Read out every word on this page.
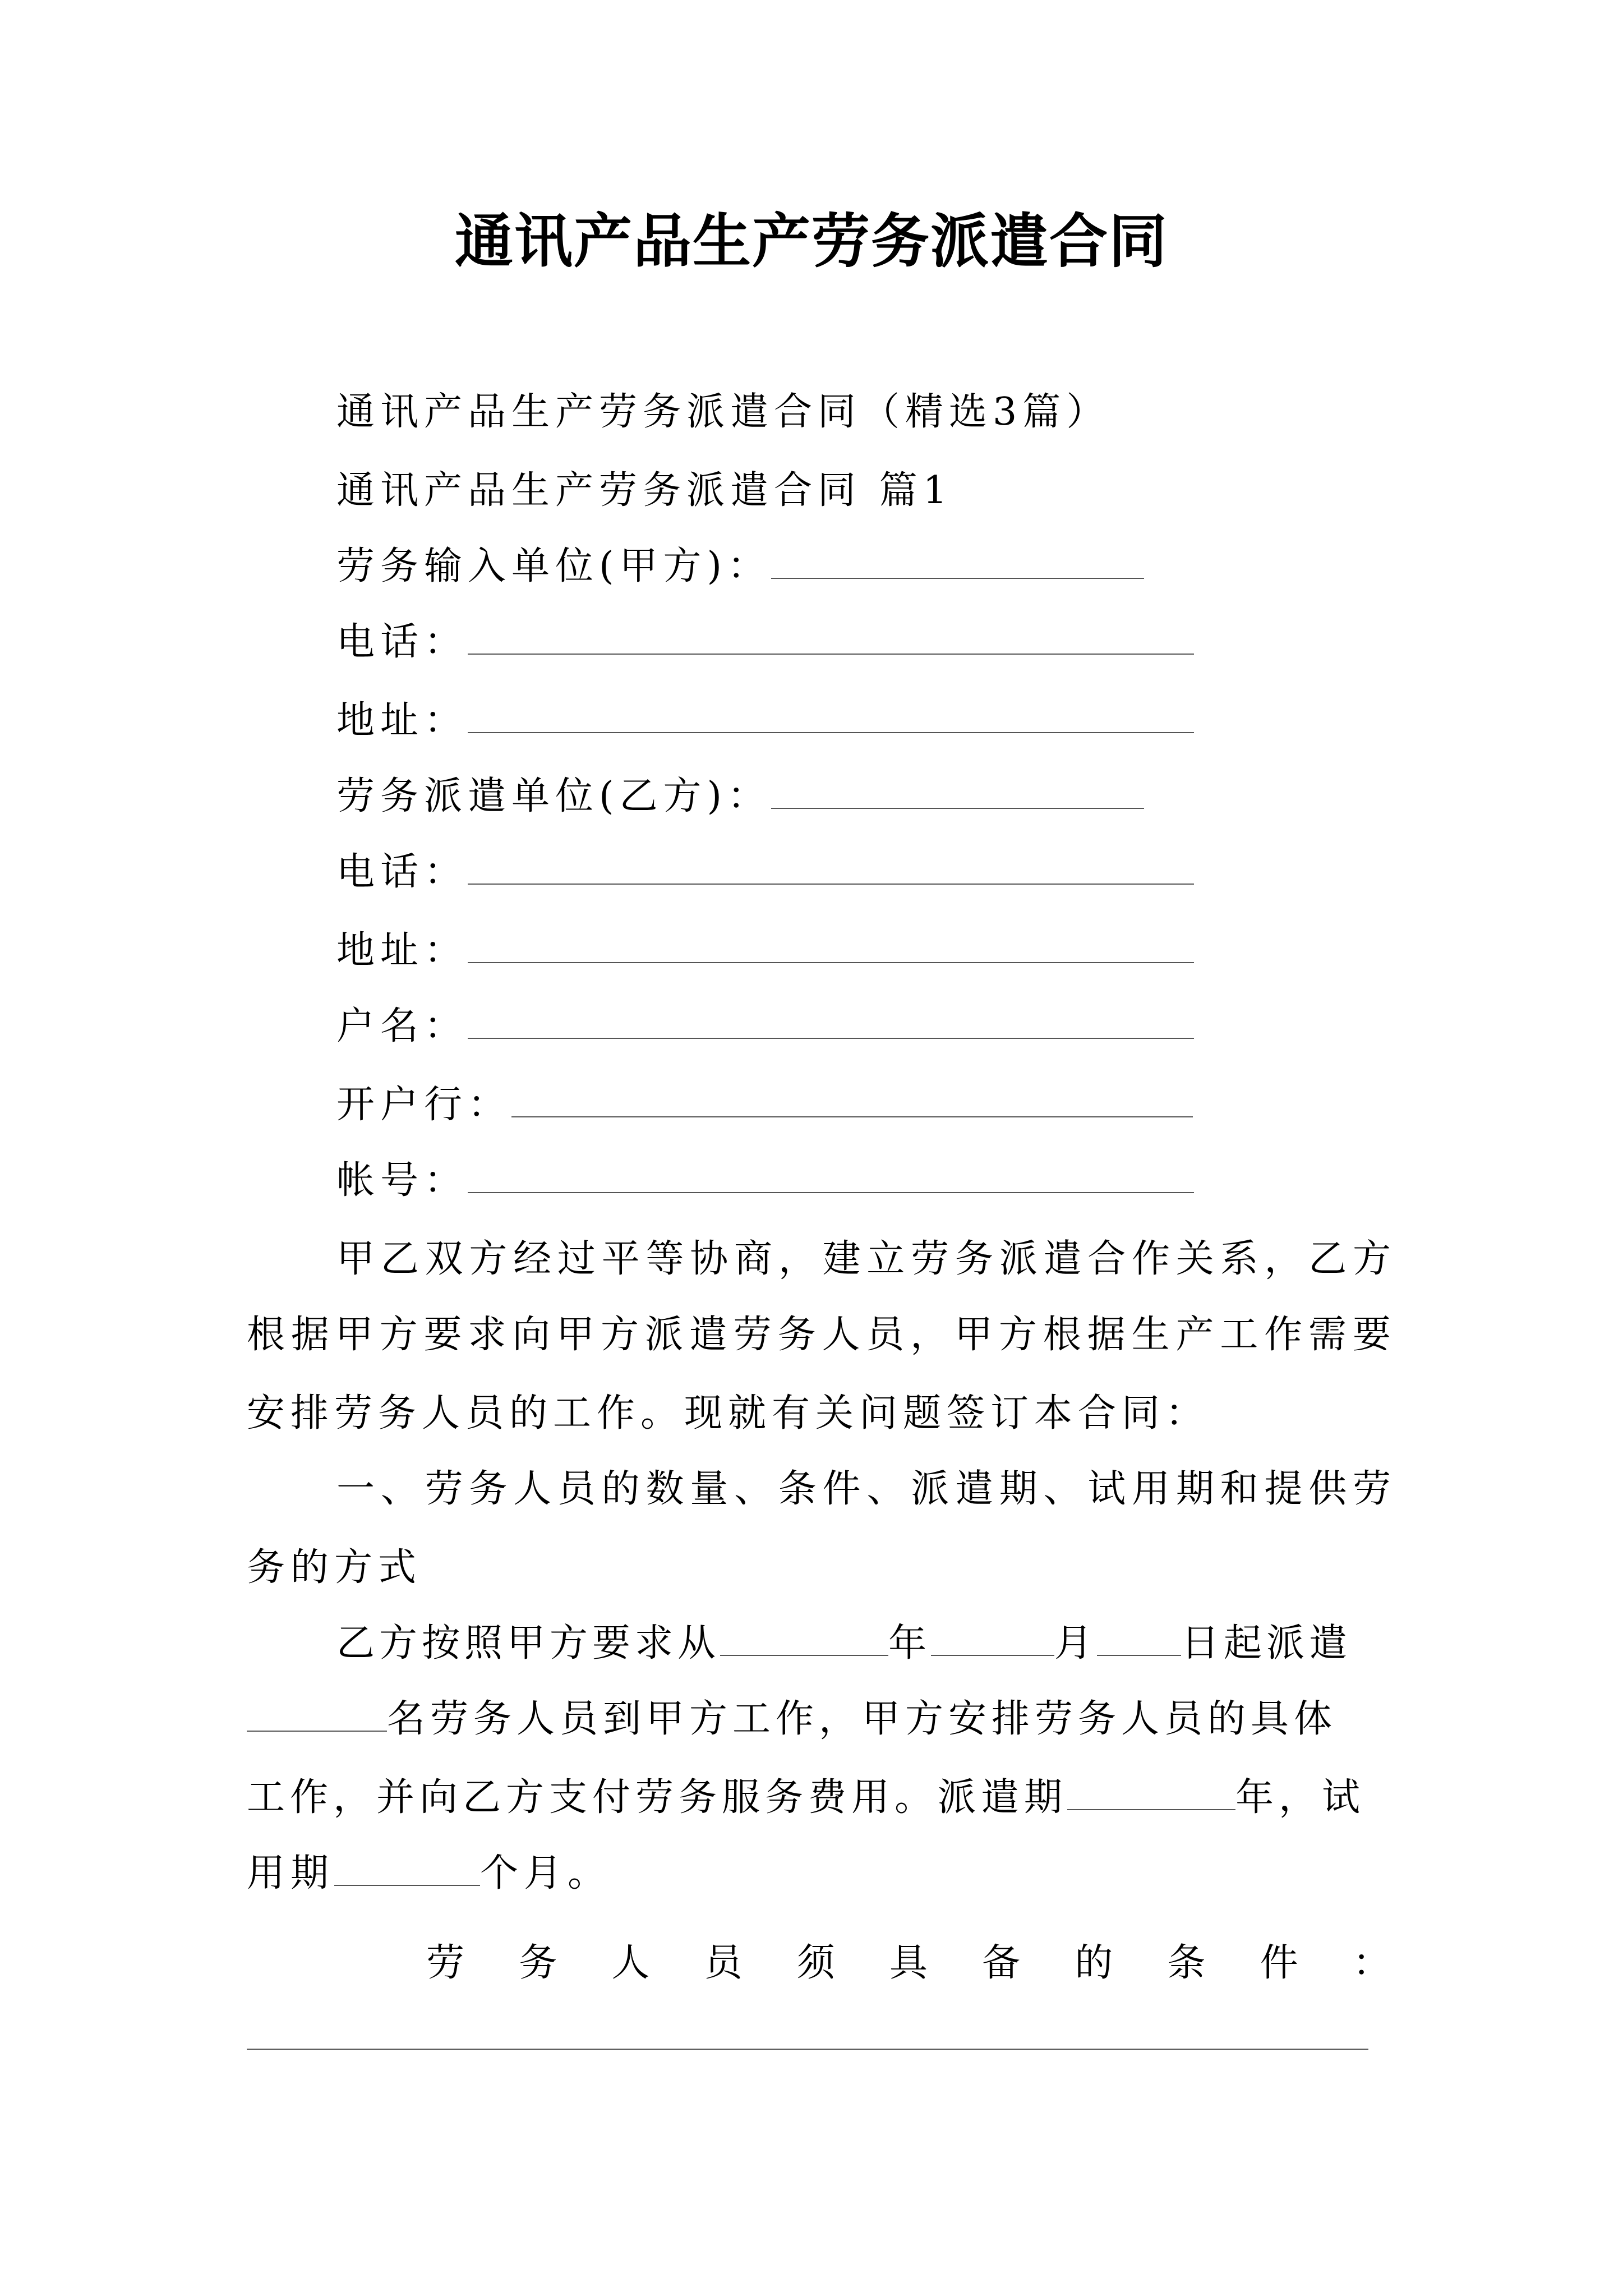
通讯产品生产劳务派遣合同
通讯产品生产劳务派遣合同（精选3篇）
通讯产品生产劳务派遣合同 篇1
劳务输入单位(甲方)：
电话：
地址：
劳务派遣单位(乙方)：
电话：
地址：
户名：
开户行：
帐号：
甲 乙 双 方 经 过 平 等 协 商 ， 建 立 劳 务 派 遣 合 作 关 系 ， 乙 方
根 据 甲 方 要 求 向 甲 方 派 遣 劳 务 人 员 ， 甲 方 根 据 生 产 工 作 需 要
安排劳务人员的工作。现就有关问题签订本合同：
一 、 劳 务 人 员 的 数 量 、 条 件 、 派 遣 期 、 试 用 期 和 提 供 劳
务的方式
乙方按照甲方要求从	年	月 日起派遣
名劳务人员到甲方工作，甲方安排劳务人员的具体
工作，并向乙方支付劳务服务费用。派遣期	年，试
用期	个月。
劳 务 人 员 须 具 备 的 条 件 ：
